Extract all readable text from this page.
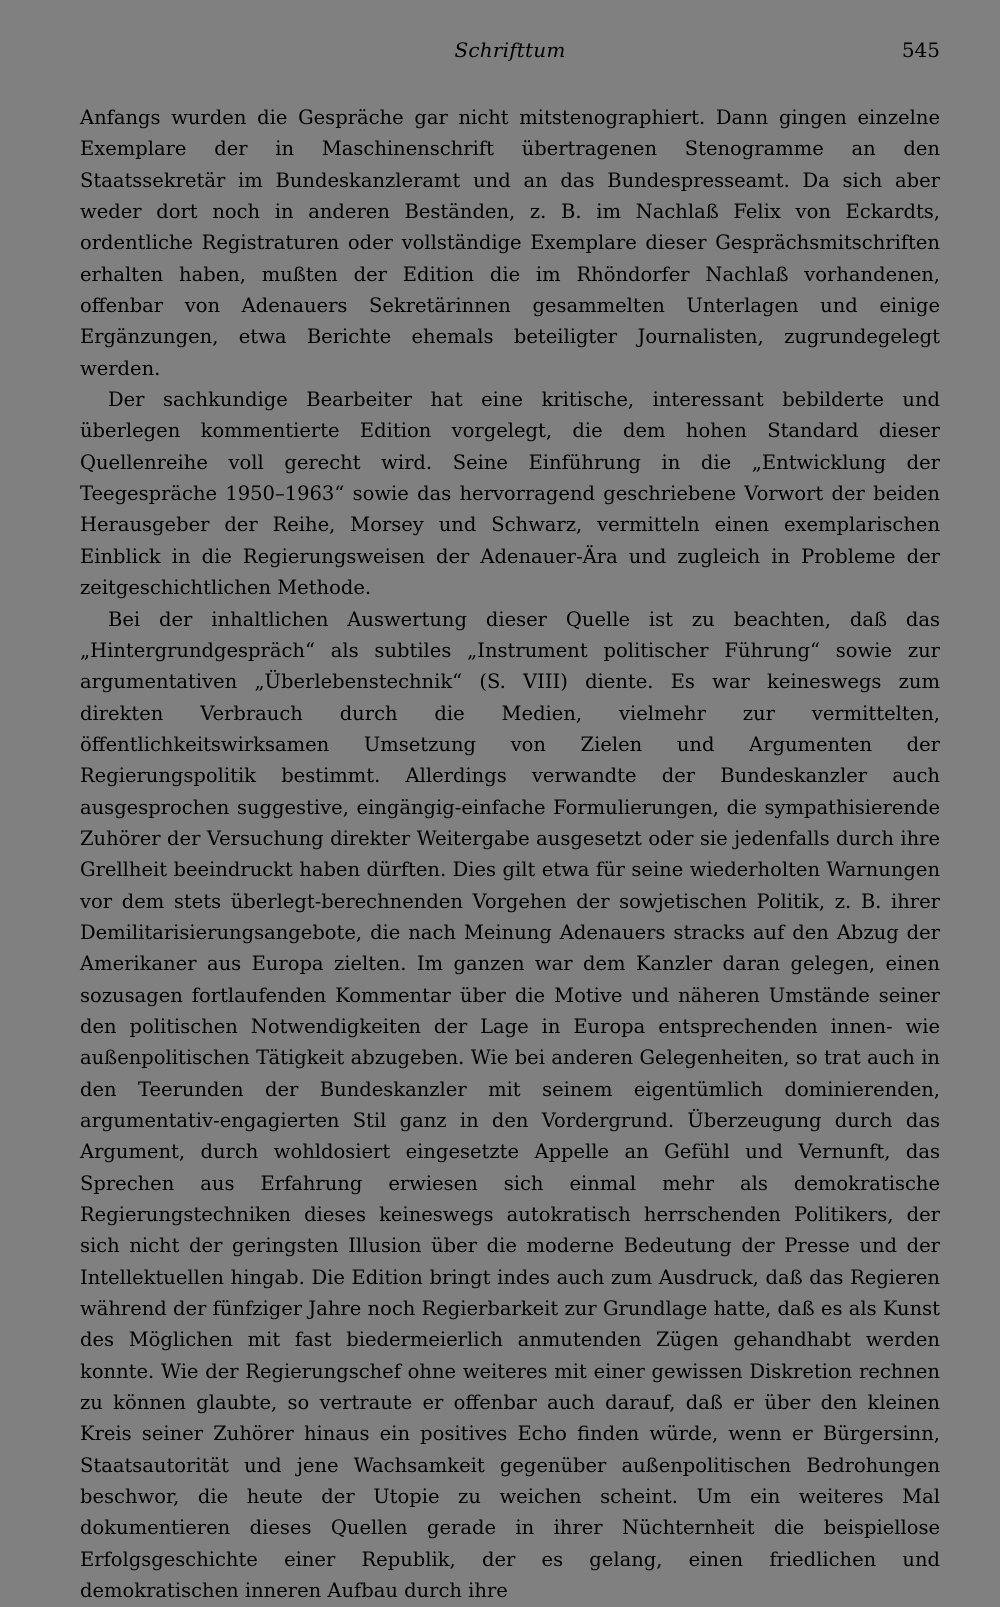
Schrifttum	545

Anfangs wurden die Gespräche gar nicht mitstenographiert. Dann gingen einzelne Exemplare der in Maschinenschrift übertragenen Stenogramme an den Staatssekretär im Bundeskanzleramt und an das Bundespresseamt. Da sich aber weder dort noch in anderen Beständen, z. B. im Nachlaß Felix von Eckardts, ordentliche Registraturen oder vollständige Exemplare dieser Gesprächsmitschriften erhalten haben, mußten der Edition die im Rhöndorfer Nachlaß vorhandenen, offenbar von Adenauers Sekretärinnen gesammelten Unterlagen und einige Ergänzungen, etwa Berichte ehemals beteiligter Journalisten, zugrundegelegt werden.

Der sachkundige Bearbeiter hat eine kritische, interessant bebilderte und überlegen kommentierte Edition vorgelegt, die dem hohen Standard dieser Quellenreihe voll gerecht wird. Seine Einführung in die „Entwicklung der Teegespräche 1950–1963“ sowie das hervorragend geschriebene Vorwort der beiden Herausgeber der Reihe, Morsey und Schwarz, vermitteln einen exemplarischen Einblick in die Regierungsweisen der Adenauer-Ära und zugleich in Probleme der zeitgeschichtlichen Methode.

Bei der inhaltlichen Auswertung dieser Quelle ist zu beachten, daß das „Hintergrundgespräch“ als subtiles „Instrument politischer Führung“ sowie zur argumentativen „Überlebenstechnik“ (S. VIII) diente. Es war keineswegs zum direkten Verbrauch durch die Medien, vielmehr zur vermittelten, öffentlichkeitswirksamen Umsetzung von Zielen und Argumenten der Regierungspolitik bestimmt. Allerdings verwandte der Bundeskanzler auch ausgesprochen suggestive, eingängig-einfache Formulierungen, die sympathisierende Zuhörer der Versuchung direkter Weitergabe ausgesetzt oder sie jedenfalls durch ihre Grellheit beeindruckt haben dürften. Dies gilt etwa für seine wiederholten Warnungen vor dem stets überlegt-berechnenden Vorgehen der sowjetischen Politik, z. B. ihrer Demilitarisierungsangebote, die nach Meinung Adenauers stracks auf den Abzug der Amerikaner aus Europa zielten. Im ganzen war dem Kanzler daran gelegen, einen sozusagen fortlaufenden Kommentar über die Motive und näheren Umstände seiner den politischen Notwendigkeiten der Lage in Europa entsprechenden innen- wie außenpolitischen Tätigkeit abzugeben. Wie bei anderen Gelegenheiten, so trat auch in den Teerunden der Bundeskanzler mit seinem eigentümlich dominierenden, argumentativ-engagierten Stil ganz in den Vordergrund. Überzeugung durch das Argument, durch wohldosiert eingesetzte Appelle an Gefühl und Vernunft, das Sprechen aus Erfahrung erwiesen sich einmal mehr als demokratische Regierungstechniken dieses keineswegs autokratisch herrschenden Politikers, der sich nicht der geringsten Illusion über die moderne Bedeutung der Presse und der Intellektuellen hingab. Die Edition bringt indes auch zum Ausdruck, daß das Regieren während der fünfziger Jahre noch Regierbarkeit zur Grundlage hatte, daß es als Kunst des Möglichen mit fast biedermeierlich anmutenden Zügen gehandhabt werden konnte. Wie der Regierungschef ohne weiteres mit einer gewissen Diskretion rechnen zu können glaubte, so vertraute er offenbar auch darauf, daß er über den kleinen Kreis seiner Zuhörer hinaus ein positives Echo finden würde, wenn er Bürgersinn, Staatsautorität und jene Wachsamkeit gegenüber außenpolitischen Bedrohungen beschwor, die heute der Utopie zu weichen scheint. Um ein weiteres Mal dokumentieren dieses Quellen gerade in ihrer Nüchternheit die beispiellose Erfolgsgeschichte einer Republik, der es gelang, einen friedlichen und demokratischen inneren Aufbau durch ihre
